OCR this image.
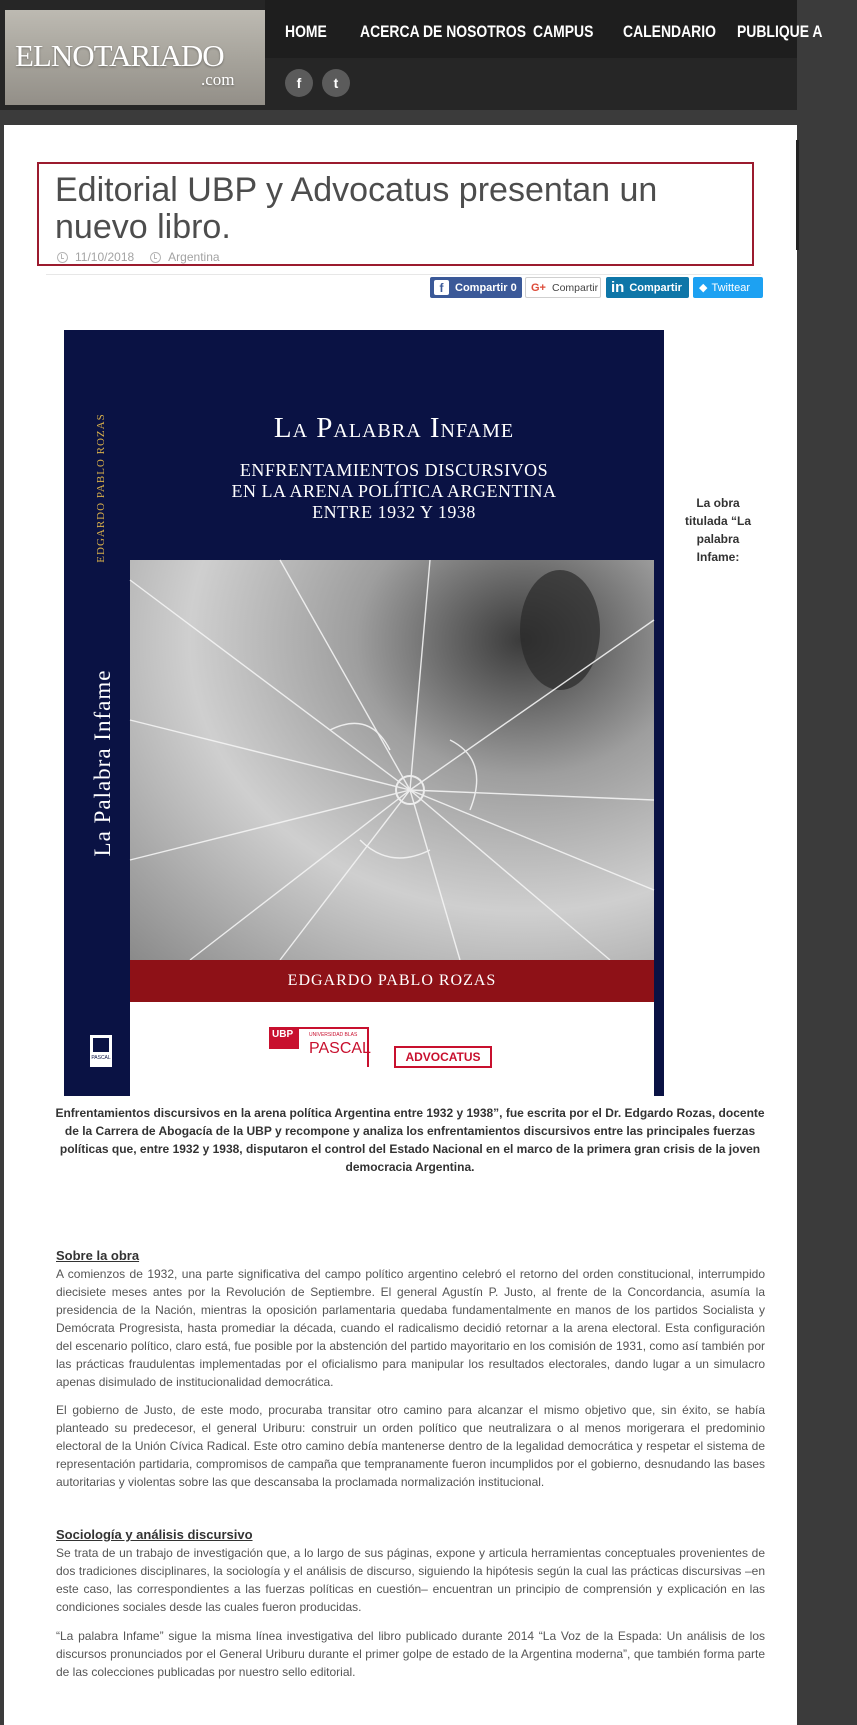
ELNOTARIADO
.com
HOME	ACERCA DE NOSOTROS CAMPUS	CALENDARIO PUBLIQUE A
f	t
Editorial UBP y Advocatus presentan un nuevo libro.
11/10/2018	Argentina
f	Compartir 0 G+ Compartir in Compartir ◆ Twittear
EDGARDO PABLO ROZAS
La Palabra Infame
PASCAL
La Palabra Infame
ENFRENTAMIENTOS DISCURSIVOS
EN LA ARENA POLÍTICA ARGENTINA
ENTRE 1932 Y 1938
EDGARDO PABLO ROZAS
UBP	UNIVERSIDAD BLAS
PASCAL	ADVOCATUS
La obra titulada “La palabra Infame:
Enfrentamientos discursivos en la arena política Argentina entre 1932 y 1938”, fue escrita por el Dr. Edgardo Rozas, docente de la Carrera de Abogacía de la UBP y recompone y analiza los enfrentamientos discursivos entre las principales fuerzas políticas que, entre 1932 y 1938, disputaron el control del Estado Nacional en el marco de la primera gran crisis de la joven democracia Argentina.
Sobre la obra

A comienzos de 1932, una parte significativa del campo político argentino celebró el retorno del orden constitucional, interrumpido diecisiete meses antes por la Revolución de Septiembre. El general Agustín P. Justo, al frente de la Concordancia, asumía la presidencia de la Nación, mientras la oposición parlamentaria quedaba fundamentalmente en manos de los partidos Socialista y Demócrata Progresista, hasta promediar la década, cuando el radicalismo decidió retornar a la arena electoral. Esta configuración del escenario político, claro está, fue posible por la abstención del partido mayoritario en los comisión de 1931, como así también por las prácticas fraudulentas implementadas por el oficialismo para manipular los resultados electorales, dando lugar a un simulacro apenas disimulado de institucionalidad democrática.

El gobierno de Justo, de este modo, procuraba transitar otro camino para alcanzar el mismo objetivo que, sin éxito, se había planteado su predecesor, el general Uriburu: construir un orden político que neutralizara o al menos morigerara el predominio electoral de la Unión Cívica Radical. Este otro camino debía mantenerse dentro de la legalidad democrática y respetar el sistema de representación partidaria, compromisos de campaña que tempranamente fueron incumplidos por el gobierno, desnudando las bases autoritarias y violentas sobre las que descansaba la proclamada normalización institucional.

Sociología y análisis discursivo

Se trata de un trabajo de investigación que, a lo largo de sus páginas, expone y articula herramientas conceptuales provenientes de dos tradiciones disciplinares, la sociología y el análisis de discurso, siguiendo la hipótesis según la cual las prácticas discursivas –en este caso, las correspondientes a las fuerzas políticas en cuestión– encuentran un principio de comprensión y explicación en las condiciones sociales desde las cuales fueron producidas.

“La palabra Infame” sigue la misma línea investigativa del libro publicado durante 2014 “La Voz de la Espada: Un análisis de los discursos pronunciados por el General Uriburu durante el primer golpe de estado de la Argentina moderna”, que también forma parte de las colecciones publicadas por nuestro sello editorial.
